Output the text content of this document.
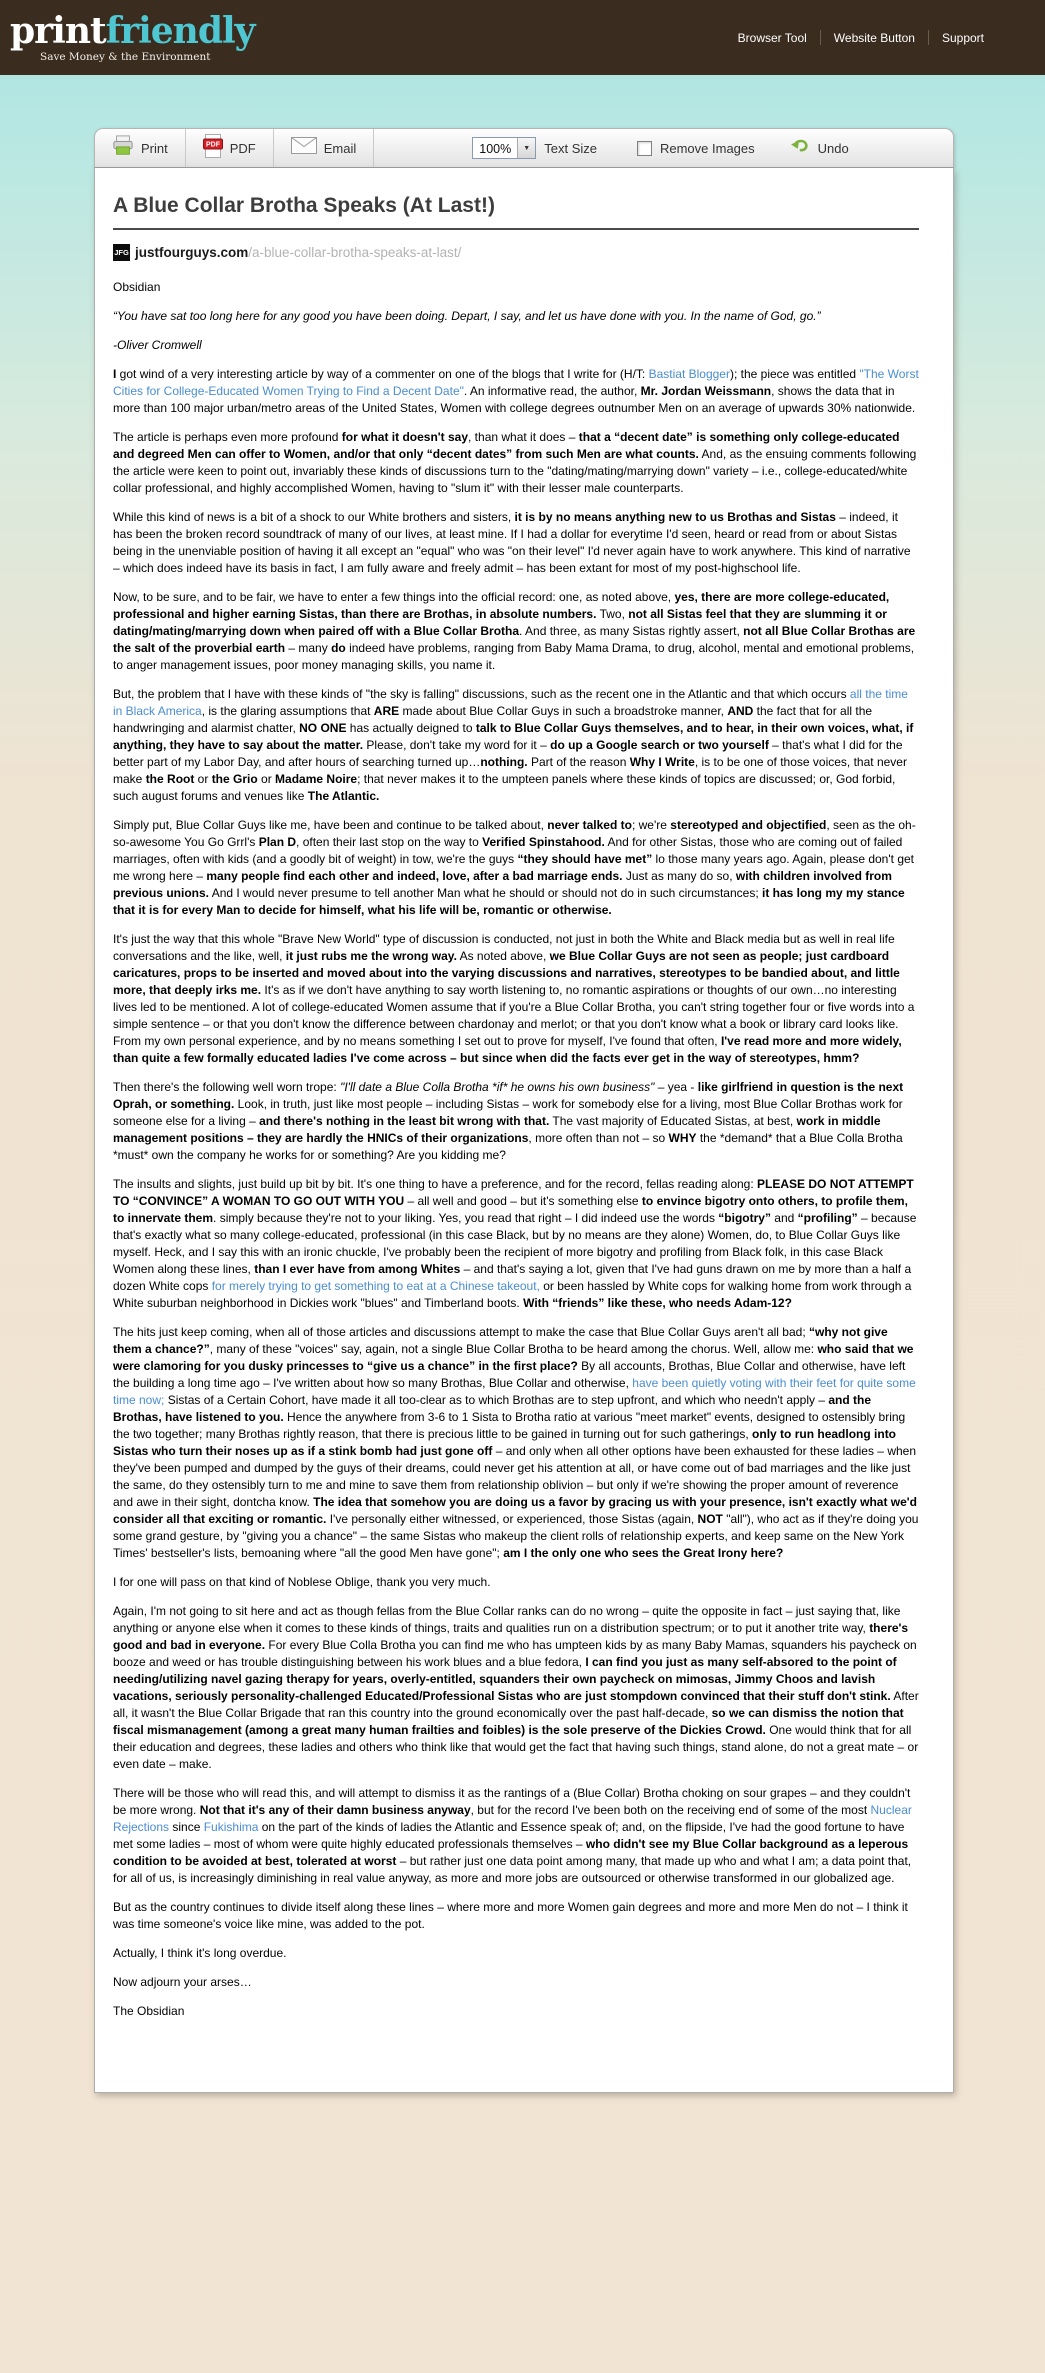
printfriendly
Save Money & the Environment
Browser Tool	Website Button	Support
Print	PDF PDF	Email	100%	▼	Text Size	Remove Images	Undo
A Blue Collar Brotha Speaks (At Last!)
JFG justfourguys.com/a-blue-collar-brotha-speaks-at-last/

Obsidian

“You have sat too long here for any good you have been doing. Depart, I say, and let us have done with you. In the name of God, go.”

-Oliver Cromwell

I got wind of a very interesting article by way of a commenter on one of the blogs that I write for (H/T: Bastiat Blogger); the piece was entitled "The Worst Cities for College-Educated Women Trying to Find a Decent Date". An informative read, the author, Mr. Jordan Weissmann, shows the data that in more than 100 major urban/metro areas of the United States, Women with college degrees outnumber Men on an average of upwards 30% nationwide.

The article is perhaps even more profound for what it doesn't say, than what it does – that a “decent date” is something only college-educated and degreed Men can offer to Women, and/or that only “decent dates” from such Men are what counts. And, as the ensuing comments following the article were keen to point out, invariably these kinds of discussions turn to the "dating/mating/marrying down" variety – i.e., college-educated/white collar professional, and highly accomplished Women, having to "slum it" with their lesser male counterparts.

While this kind of news is a bit of a shock to our White brothers and sisters, it is by no means anything new to us Brothas and Sistas – indeed, it has been the broken record soundtrack of many of our lives, at least mine. If I had a dollar for everytime I'd seen, heard or read from or about Sistas being in the unenviable position of having it all except an "equal" who was "on their level" I'd never again have to work anywhere. This kind of narrative – which does indeed have its basis in fact, I am fully aware and freely admit – has been extant for most of my post-highschool life.

Now, to be sure, and to be fair, we have to enter a few things into the official record: one, as noted above, yes, there are more college-educated, professional and higher earning Sistas, than there are Brothas, in absolute numbers. Two, not all Sistas feel that they are slumming it or dating/mating/marrying down when paired off with a Blue Collar Brotha. And three, as many Sistas rightly assert, not all Blue Collar Brothas are the salt of the proverbial earth – many do indeed have problems, ranging from Baby Mama Drama, to drug, alcohol, mental and emotional problems, to anger management issues, poor money managing skills, you name it.

But, the problem that I have with these kinds of "the sky is falling" discussions, such as the recent one in the Atlantic and that which occurs all the time in Black America, is the glaring assumptions that ARE made about Blue Collar Guys in such a broadstroke manner, AND the fact that for all the handwringing and alarmist chatter, NO ONE has actually deigned to talk to Blue Collar Guys themselves, and to hear, in their own voices, what, if anything, they have to say about the matter. Please, don't take my word for it – do up a Google search or two yourself – that's what I did for the better part of my Labor Day, and after hours of searching turned up…nothing. Part of the reason Why I Write, is to be one of those voices, that never make the Root or the Grio or Madame Noire; that never makes it to the umpteen panels where these kinds of topics are discussed; or, God forbid, such august forums and venues like The Atlantic.

Simply put, Blue Collar Guys like me, have been and continue to be talked about, never talked to; we're stereotyped and objectified, seen as the oh-so-awesome You Go Grrl's Plan D, often their last stop on the way to Verified Spinstahood. And for other Sistas, those who are coming out of failed marriages, often with kids (and a goodly bit of weight) in tow, we're the guys “they should have met” lo those many years ago. Again, please don't get me wrong here – many people find each other and indeed, love, after a bad marriage ends. Just as many do so, with children involved from previous unions. And I would never presume to tell another Man what he should or should not do in such circumstances; it has long my my stance that it is for every Man to decide for himself, what his life will be, romantic or otherwise.

It's just the way that this whole "Brave New World" type of discussion is conducted, not just in both the White and Black media but as well in real life conversations and the like, well, it just rubs me the wrong way. As noted above, we Blue Collar Guys are not seen as people; just cardboard caricatures, props to be inserted and moved about into the varying discussions and narratives, stereotypes to be bandied about, and little more, that deeply irks me. It's as if we don't have anything to say worth listening to, no romantic aspirations or thoughts of our own…no interesting lives led to be mentioned. A lot of college-educated Women assume that if you're a Blue Collar Brotha, you can't string together four or five words into a simple sentence – or that you don't know the difference between chardonay and merlot; or that you don't know what a book or library card looks like. From my own personal experience, and by no means something I set out to prove for myself, I've found that often, I've read more and more widely, than quite a few formally educated ladies I've come across – but since when did the facts ever get in the way of stereotypes, hmm?

Then there's the following well worn trope: "I'll date a Blue Colla Brotha *if* he owns his own business" – yea - like girlfriend in question is the next Oprah, or something. Look, in truth, just like most people – including Sistas – work for somebody else for a living, most Blue Collar Brothas work for someone else for a living – and there's nothing in the least bit wrong with that. The vast majority of Educated Sistas, at best, work in middle management positions – they are hardly the HNICs of their organizations, more often than not – so WHY the *demand* that a Blue Colla Brotha *must* own the company he works for or something? Are you kidding me?

The insults and slights, just build up bit by bit. It's one thing to have a preference, and for the record, fellas reading along: PLEASE DO NOT ATTEMPT TO “CONVINCE” A WOMAN TO GO OUT WITH YOU – all well and good – but it's something else to envince bigotry onto others, to profile them, to innervate them. simply because they're not to your liking. Yes, you read that right – I did indeed use the words “bigotry” and “profiling” – because that's exactly what so many college-educated, professional (in this case Black, but by no means are they alone) Women, do, to Blue Collar Guys like myself. Heck, and I say this with an ironic chuckle, I've probably been the recipient of more bigotry and profiling from Black folk, in this case Black Women along these lines, than I ever have from among Whites – and that's saying a lot, given that I've had guns drawn on me by more than a half a dozen White cops for merely trying to get something to eat at a Chinese takeout, or been hassled by White cops for walking home from work through a White suburban neighborhood in Dickies work "blues" and Timberland boots. With “friends” like these, who needs Adam-12?

The hits just keep coming, when all of those articles and discussions attempt to make the case that Blue Collar Guys aren't all bad; “why not give them a chance?”, many of these "voices" say, again, not a single Blue Collar Brotha to be heard among the chorus. Well, allow me: who said that we were clamoring for you dusky princesses to “give us a chance” in the first place? By all accounts, Brothas, Blue Collar and otherwise, have left the building a long time ago – I've written about how so many Brothas, Blue Collar and otherwise, have been quietly voting with their feet for quite some time now; Sistas of a Certain Cohort, have made it all too-clear as to which Brothas are to step upfront, and which who needn't apply – and the Brothas, have listened to you. Hence the anywhere from 3-6 to 1 Sista to Brotha ratio at various "meet market" events, designed to ostensibly bring the two together; many Brothas rightly reason, that there is precious little to be gained in turning out for such gatherings, only to run headlong into Sistas who turn their noses up as if a stink bomb had just gone off – and only when all other options have been exhausted for these ladies – when they've been pumped and dumped by the guys of their dreams, could never get his attention at all, or have come out of bad marriages and the like just the same, do they ostensibly turn to me and mine to save them from relationship oblivion – but only if we're showing the proper amount of reverence and awe in their sight, dontcha know. The idea that somehow you are doing us a favor by gracing us with your presence, isn't exactly what we'd consider all that exciting or romantic. I've personally either witnessed, or experienced, those Sistas (again, NOT "all"), who act as if they're doing you some grand gesture, by "giving you a chance" – the same Sistas who makeup the client rolls of relationship experts, and keep same on the New York Times' bestseller's lists, bemoaning where "all the good Men have gone"; am I the only one who sees the Great Irony here?

I for one will pass on that kind of Noblese Oblige, thank you very much.

Again, I'm not going to sit here and act as though fellas from the Blue Collar ranks can do no wrong – quite the opposite in fact – just saying that, like anything or anyone else when it comes to these kinds of things, traits and qualities run on a distribution spectrum; or to put it another trite way, there's good and bad in everyone. For every Blue Colla Brotha you can find me who has umpteen kids by as many Baby Mamas, squanders his paycheck on booze and weed or has trouble distinguishing between his work blues and a blue fedora, I can find you just as many self-absored to the point of needing/utilizing navel gazing therapy for years, overly-entitled, squanders their own paycheck on mimosas, Jimmy Choos and lavish vacations, seriously personality-challenged Educated/Professional Sistas who are just stompdown convinced that their stuff don't stink. After all, it wasn't the Blue Collar Brigade that ran this country into the ground economically over the past half-decade, so we can dismiss the notion that fiscal mismanagement (among a great many human frailties and foibles) is the sole preserve of the Dickies Crowd. One would think that for all their education and degrees, these ladies and others who think like that would get the fact that having such things, stand alone, do not a great mate – or even date – make.

There will be those who will read this, and will attempt to dismiss it as the rantings of a (Blue Collar) Brotha choking on sour grapes – and they couldn't be more wrong. Not that it's any of their damn business anyway, but for the record I've been both on the receiving end of some of the most Nuclear Rejections since Fukishima on the part of the kinds of ladies the Atlantic and Essence speak of; and, on the flipside, I've had the good fortune to have met some ladies – most of whom were quite highly educated professionals themselves – who didn't see my Blue Collar background as a leperous condition to be avoided at best, tolerated at worst – but rather just one data point among many, that made up who and what I am; a data point that, for all of us, is increasingly diminishing in real value anyway, as more and more jobs are outsourced or otherwise transformed in our globalized age.

But as the country continues to divide itself along these lines – where more and more Women gain degrees and more and more Men do not – I think it was time someone's voice like mine, was added to the pot.

Actually, I think it's long overdue.

Now adjourn your arses…

The Obsidian
